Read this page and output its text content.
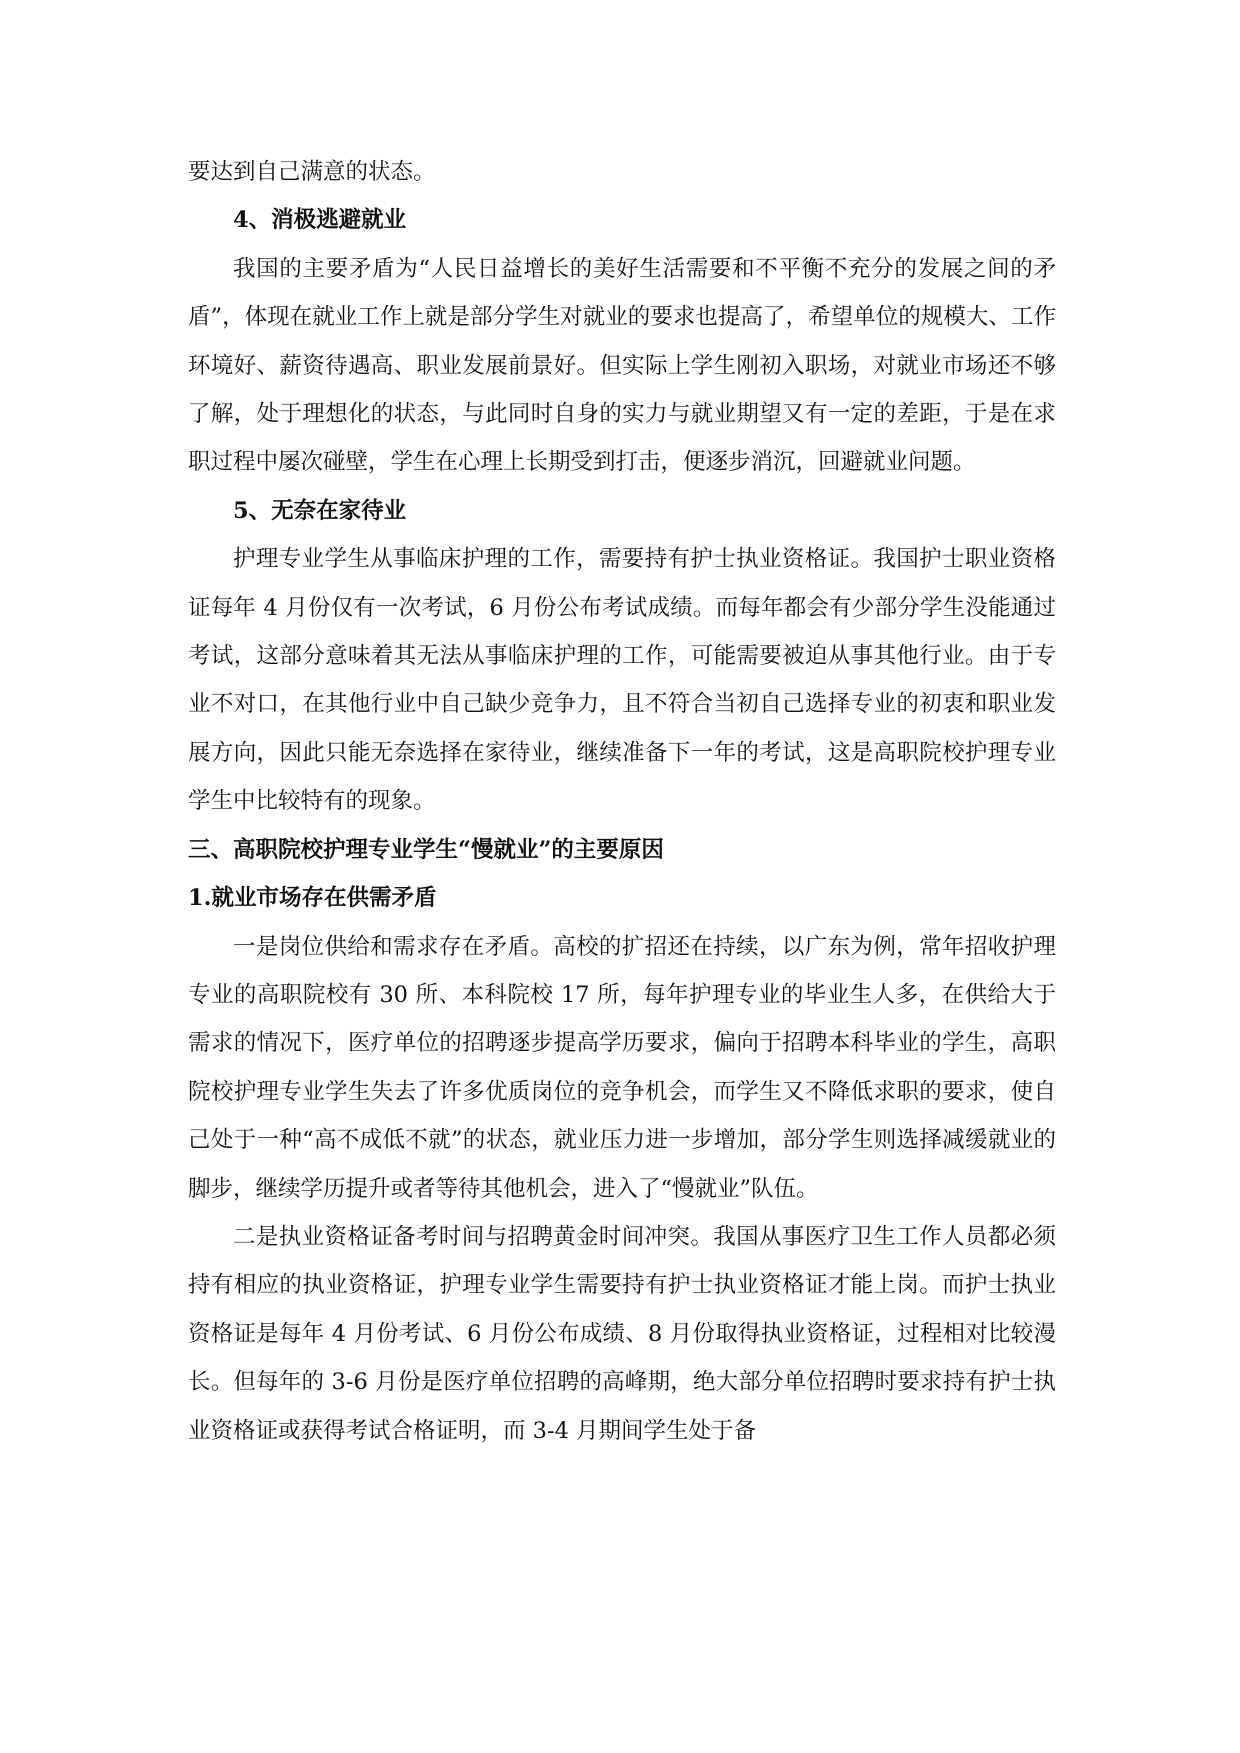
要达到自己满意的状态。

4、消极逃避就业

我国的主要矛盾为“人民日益增长的美好生活需要和不平衡不充分的发展之间的矛盾”，体现在就业工作上就是部分学生对就业的要求也提高了，希望单位的规模大、工作环境好、薪资待遇高、职业发展前景好。但实际上学生刚初入职场，对就业市场还不够了解，处于理想化的状态，与此同时自身的实力与就业期望又有一定的差距，于是在求职过程中屡次碰壁，学生在心理上长期受到打击，便逐步消沉，回避就业问题。

5、无奈在家待业

护理专业学生从事临床护理的工作，需要持有护士执业资格证。我国护士职业资格证每年 4 月份仅有一次考试，6 月份公布考试成绩。而每年都会有少部分学生没能通过考试，这部分意味着其无法从事临床护理的工作，可能需要被迫从事其他行业。由于专业不对口，在其他行业中自己缺少竞争力，且不符合当初自己选择专业的初衷和职业发展方向，因此只能无奈选择在家待业，继续准备下一年的考试，这是高职院校护理专业学生中比较特有的现象。

三、高职院校护理专业学生“慢就业”的主要原因

1.就业市场存在供需矛盾

一是岗位供给和需求存在矛盾。高校的扩招还在持续，以广东为例，常年招收护理专业的高职院校有 30 所、本科院校 17 所，每年护理专业的毕业生人多，在供给大于需求的情况下，医疗单位的招聘逐步提高学历要求，偏向于招聘本科毕业的学生，高职院校护理专业学生失去了许多优质岗位的竞争机会，而学生又不降低求职的要求，使自己处于一种“高不成低不就”的状态，就业压力进一步增加，部分学生则选择减缓就业的脚步，继续学历提升或者等待其他机会，进入了“慢就业”队伍。

二是执业资格证备考时间与招聘黄金时间冲突。我国从事医疗卫生工作人员都必须持有相应的执业资格证，护理专业学生需要持有护士执业资格证才能上岗。而护士执业资格证是每年 4 月份考试、6 月份公布成绩、8 月份取得执业资格证，过程相对比较漫长。但每年的 3-6 月份是医疗单位招聘的高峰期，绝大部分单位招聘时要求持有护士执业资格证或获得考试合格证明，而 3-4 月期间学生处于备
